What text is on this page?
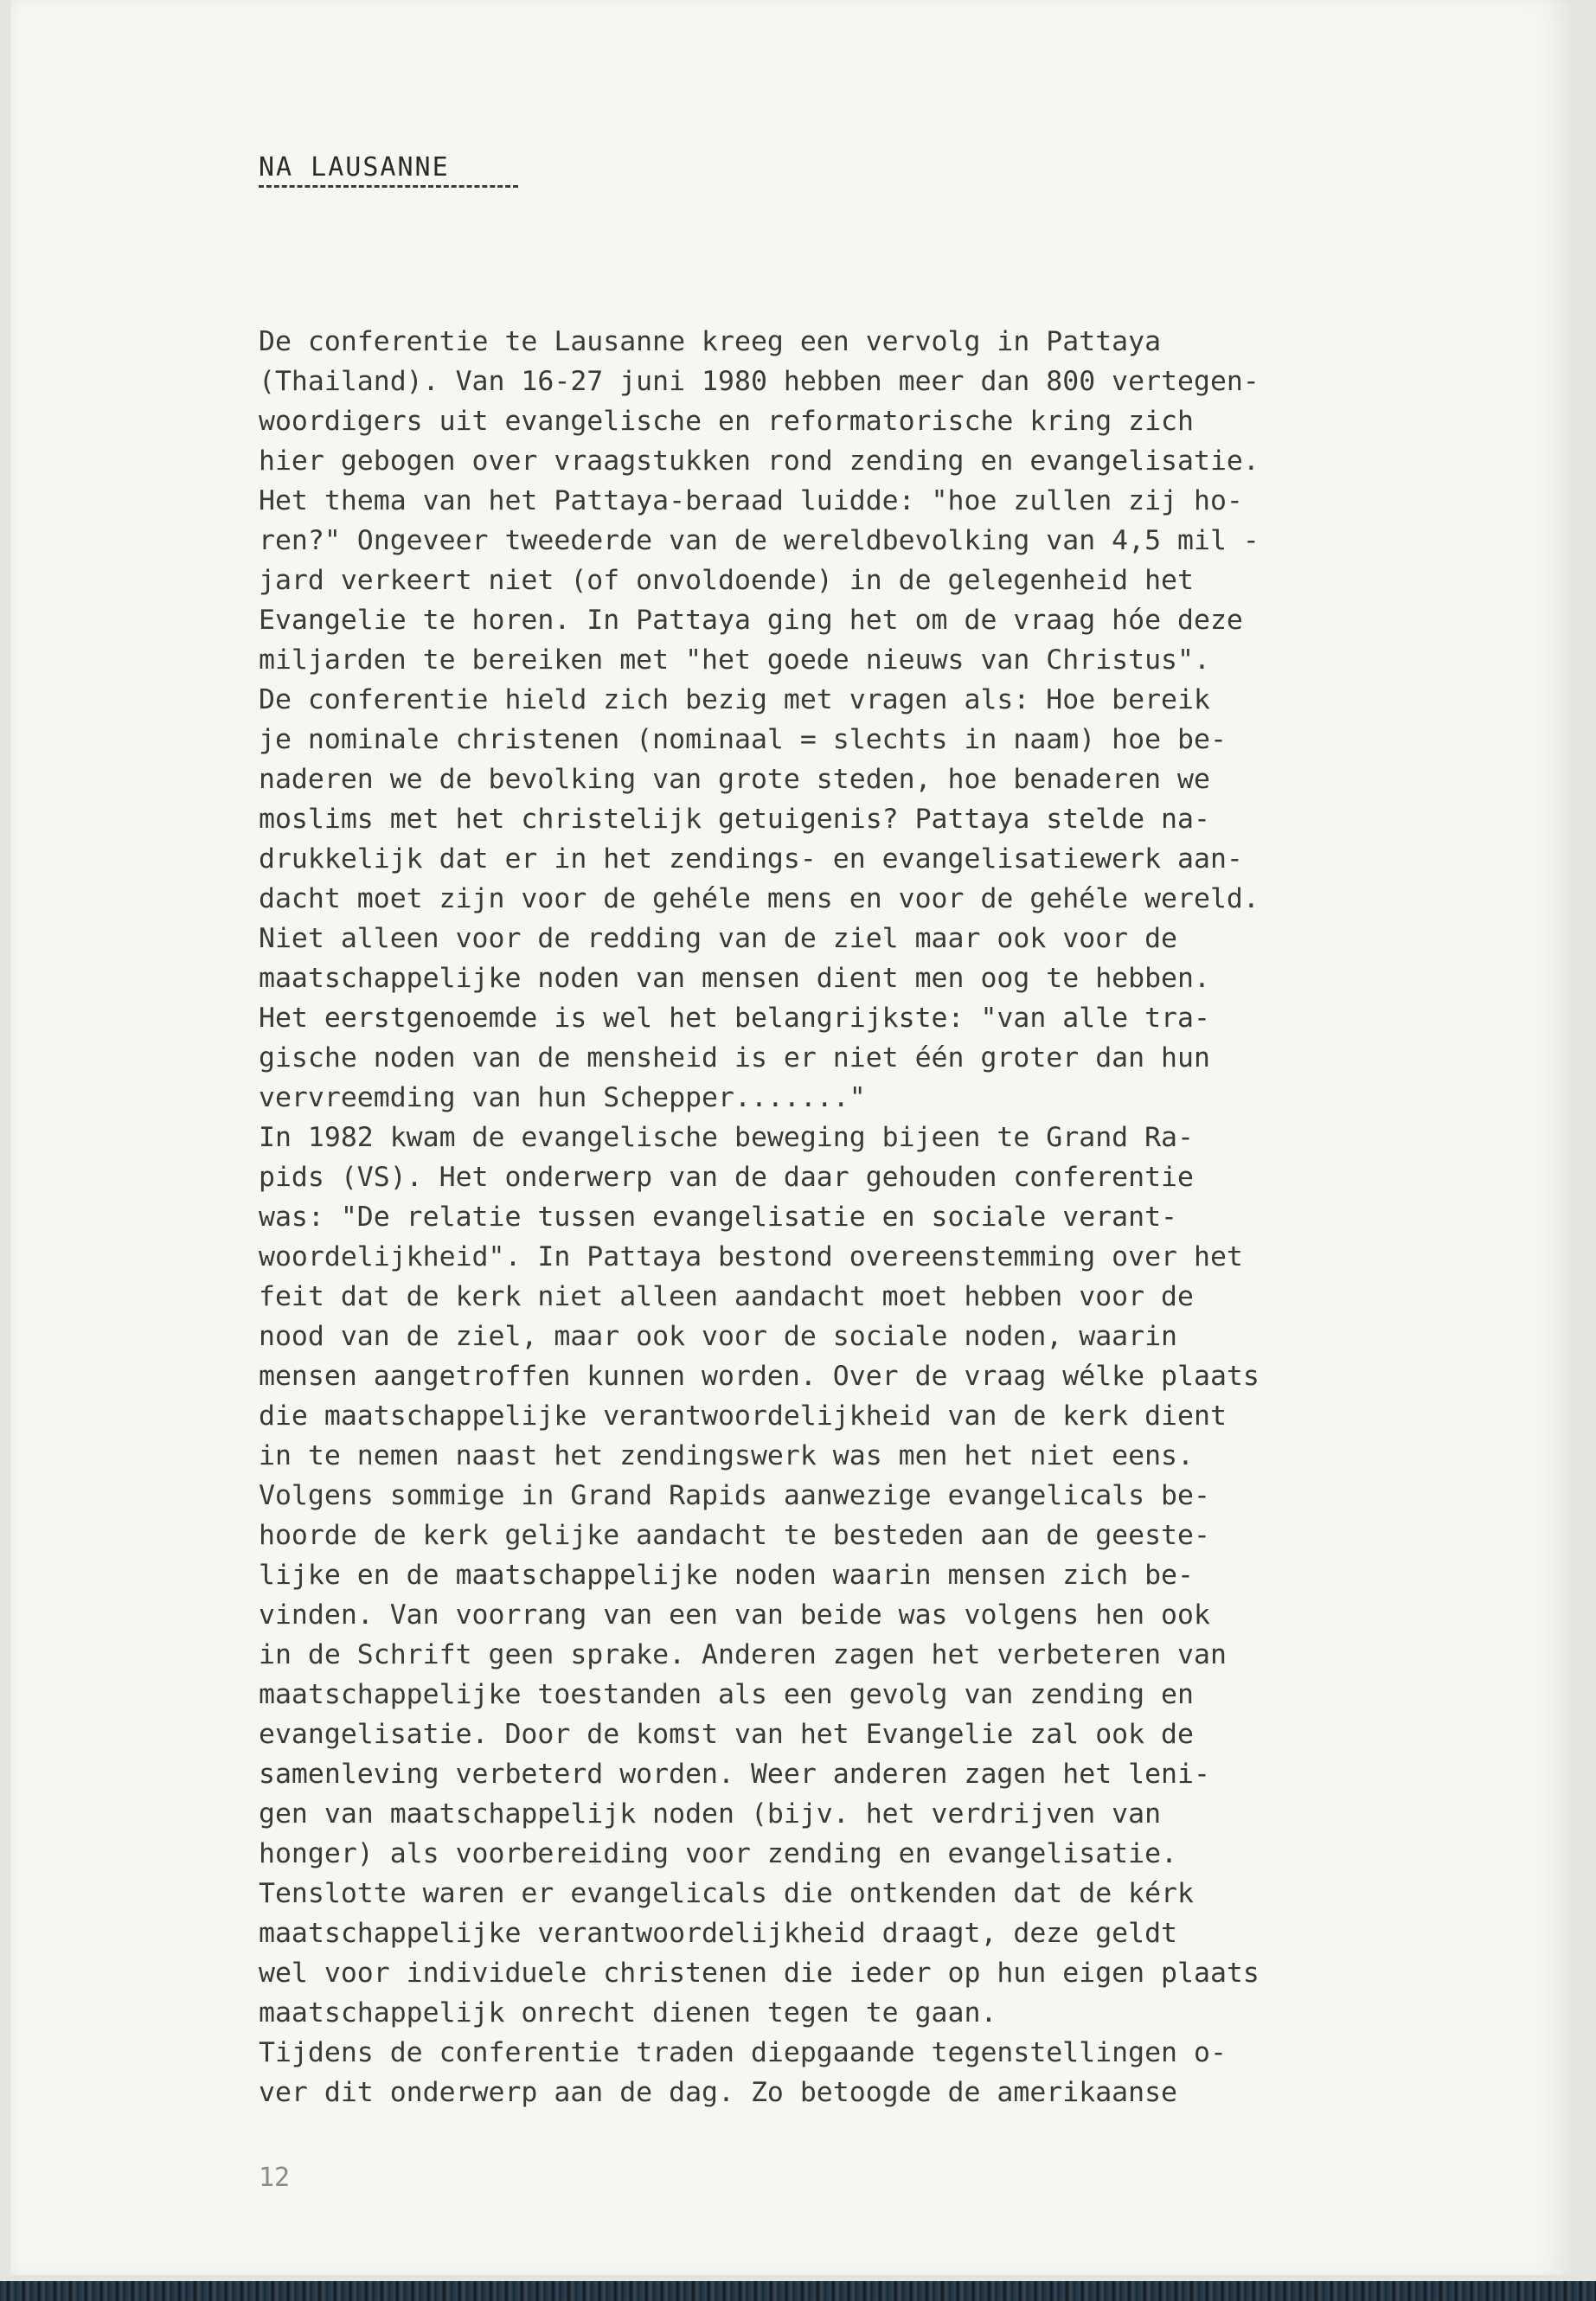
NA LAUSANNE
De conferentie te Lausanne kreeg een vervolg in Pattaya
(Thailand). Van 16-27 juni 1980 hebben meer dan 800 vertegen-
woordigers uit evangelische en reformatorische kring zich
hier gebogen over vraagstukken rond zending en evangelisatie.
Het thema van het Pattaya-beraad luidde: "hoe zullen zij ho-
ren?" Ongeveer tweederde van de wereldbevolking van 4,5 mil -
jard verkeert niet (of onvoldoende) in de gelegenheid het
Evangelie te horen. In Pattaya ging het om de vraag hóe deze
miljarden te bereiken met "het goede nieuws van Christus".
De conferentie hield zich bezig met vragen als: Hoe bereik
je nominale christenen (nominaal = slechts in naam) hoe be-
naderen we de bevolking van grote steden, hoe benaderen we
moslims met het christelijk getuigenis? Pattaya stelde na-
drukkelijk dat er in het zendings- en evangelisatiewerk aan-
dacht moet zijn voor de gehéle mens en voor de gehéle wereld.
Niet alleen voor de redding van de ziel maar ook voor de
maatschappelijke noden van mensen dient men oog te hebben.
Het eerstgenoemde is wel het belangrijkste: "van alle tra-
gische noden van de mensheid is er niet één groter dan hun
vervreemding van hun Schepper......."
In 1982 kwam de evangelische beweging bijeen te Grand Ra-
pids (VS). Het onderwerp van de daar gehouden conferentie
was: "De relatie tussen evangelisatie en sociale verant-
woordelijkheid". In Pattaya bestond overeenstemming over het
feit dat de kerk niet alleen aandacht moet hebben voor de
nood van de ziel, maar ook voor de sociale noden, waarin
mensen aangetroffen kunnen worden. Over de vraag wélke plaats
die maatschappelijke verantwoordelijkheid van de kerk dient
in te nemen naast het zendingswerk was men het niet eens.
Volgens sommige in Grand Rapids aanwezige evangelicals be-
hoorde de kerk gelijke aandacht te besteden aan de geeste-
lijke en de maatschappelijke noden waarin mensen zich be-
vinden. Van voorrang van een van beide was volgens hen ook
in de Schrift geen sprake. Anderen zagen het verbeteren van
maatschappelijke toestanden als een gevolg van zending en
evangelisatie. Door de komst van het Evangelie zal ook de
samenleving verbeterd worden. Weer anderen zagen het leni-
gen van maatschappelijk noden (bijv. het verdrijven van
honger) als voorbereiding voor zending en evangelisatie.
Tenslotte waren er evangelicals die ontkenden dat de kérk
maatschappelijke verantwoordelijkheid draagt, deze geldt
wel voor individuele christenen die ieder op hun eigen plaats
maatschappelijk onrecht dienen tegen te gaan.
Tijdens de conferentie traden diepgaande tegenstellingen o-
ver dit onderwerp aan de dag. Zo betoogde de amerikaanse
12
